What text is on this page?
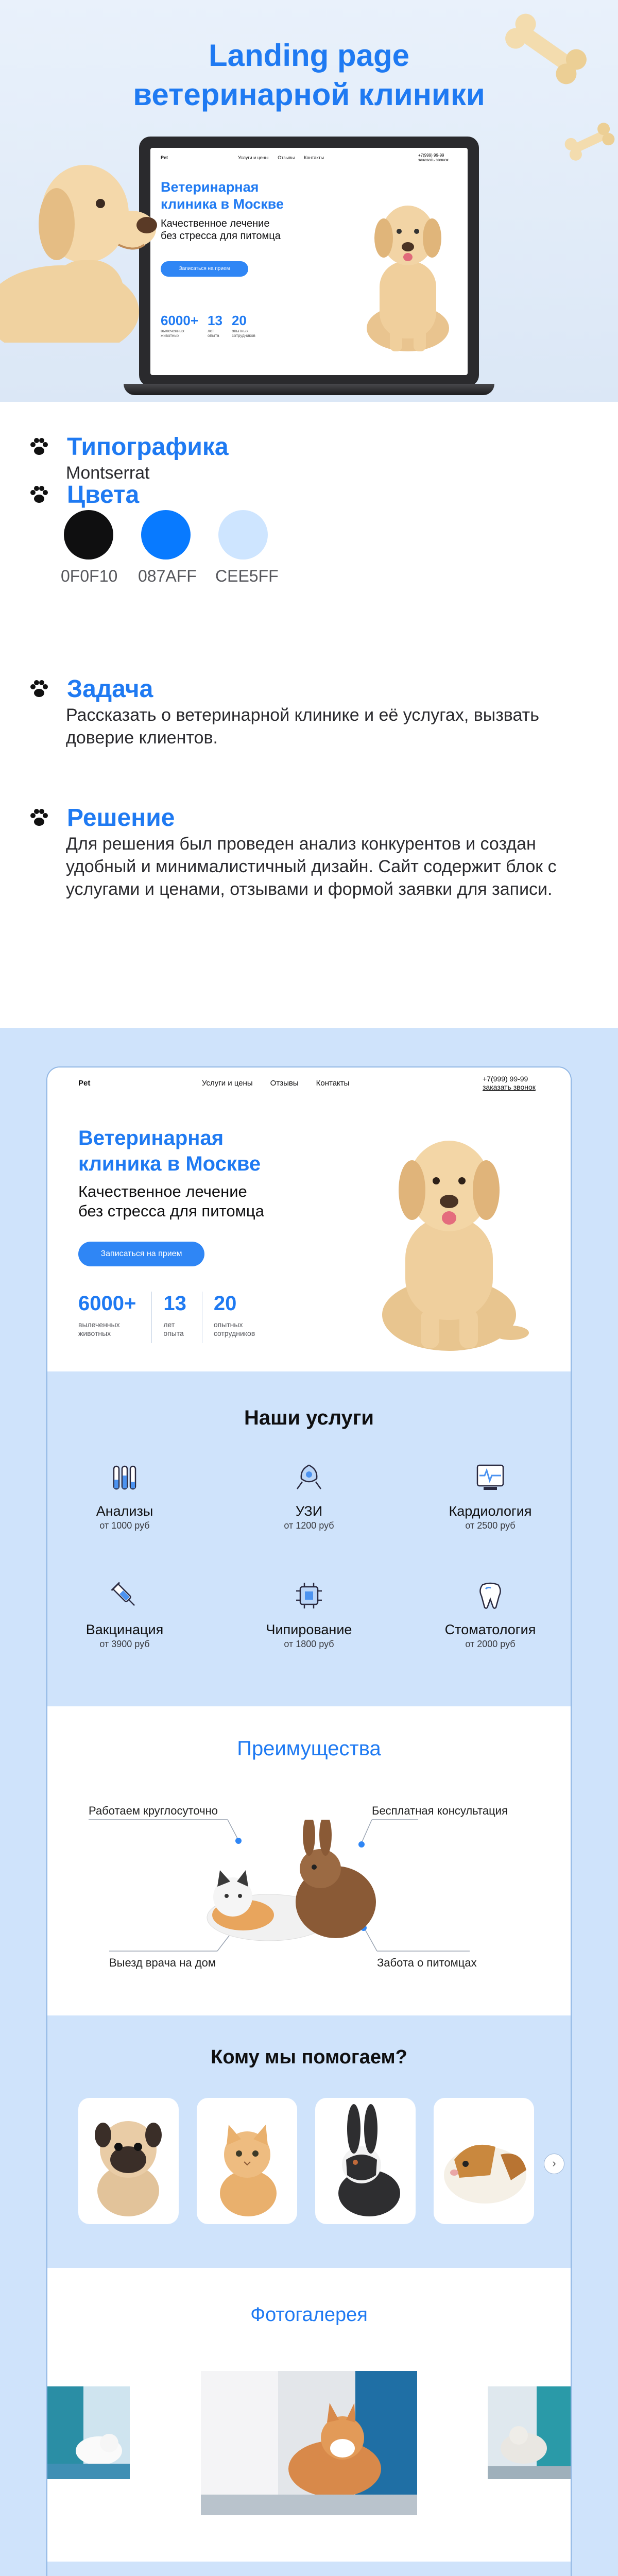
Landing page
ветеринарной клиники
Pet	Услуги и цены Отзывы Контакты	+7(999) 99-99
заказать звонок
Ветеринарная
клиника в Москве
Качественное лечение
без стресса для питомца
Записаться на прием
6000+
вылеченных
животных
13
лет
опыта
20
опытных
сотрудников
Типографика
Montserrat
Цвета
0F0F10 087AFF CEE5FF
Задача
Рассказать о ветеринарной клинике и её услугах, вызвать доверие клиентов.
Решение
Для решения был проведен анализ конкурентов и создан удобный и минималистичный дизайн. Сайт содержит блок с услугами и ценами, отзывами и формой заявки для записи.
Pet	Услуги и цены Отзывы Контакты	+7(999) 99-99
заказать звонок
Ветеринарная
клиника в Москве
Качественное лечение
без стресса для питомца
Записаться на прием
6000+
вылеченных
животных
13
лет
опыта
20
опытных
сотрудников
Наши услуги
Анализы
от 1000 руб
УЗИ
от 1200 руб
Кардиология
от 2500 руб
Вакцинация
от 3900 руб
Чипирование
от 1800 руб
Стоматология
от 2000 руб
Преимущества
Работаем круглосуточно	Бесплатная консультация
Выезд врача на дом	Забота о питомцах
Кому мы помогаем?
›
Фотогалерея
